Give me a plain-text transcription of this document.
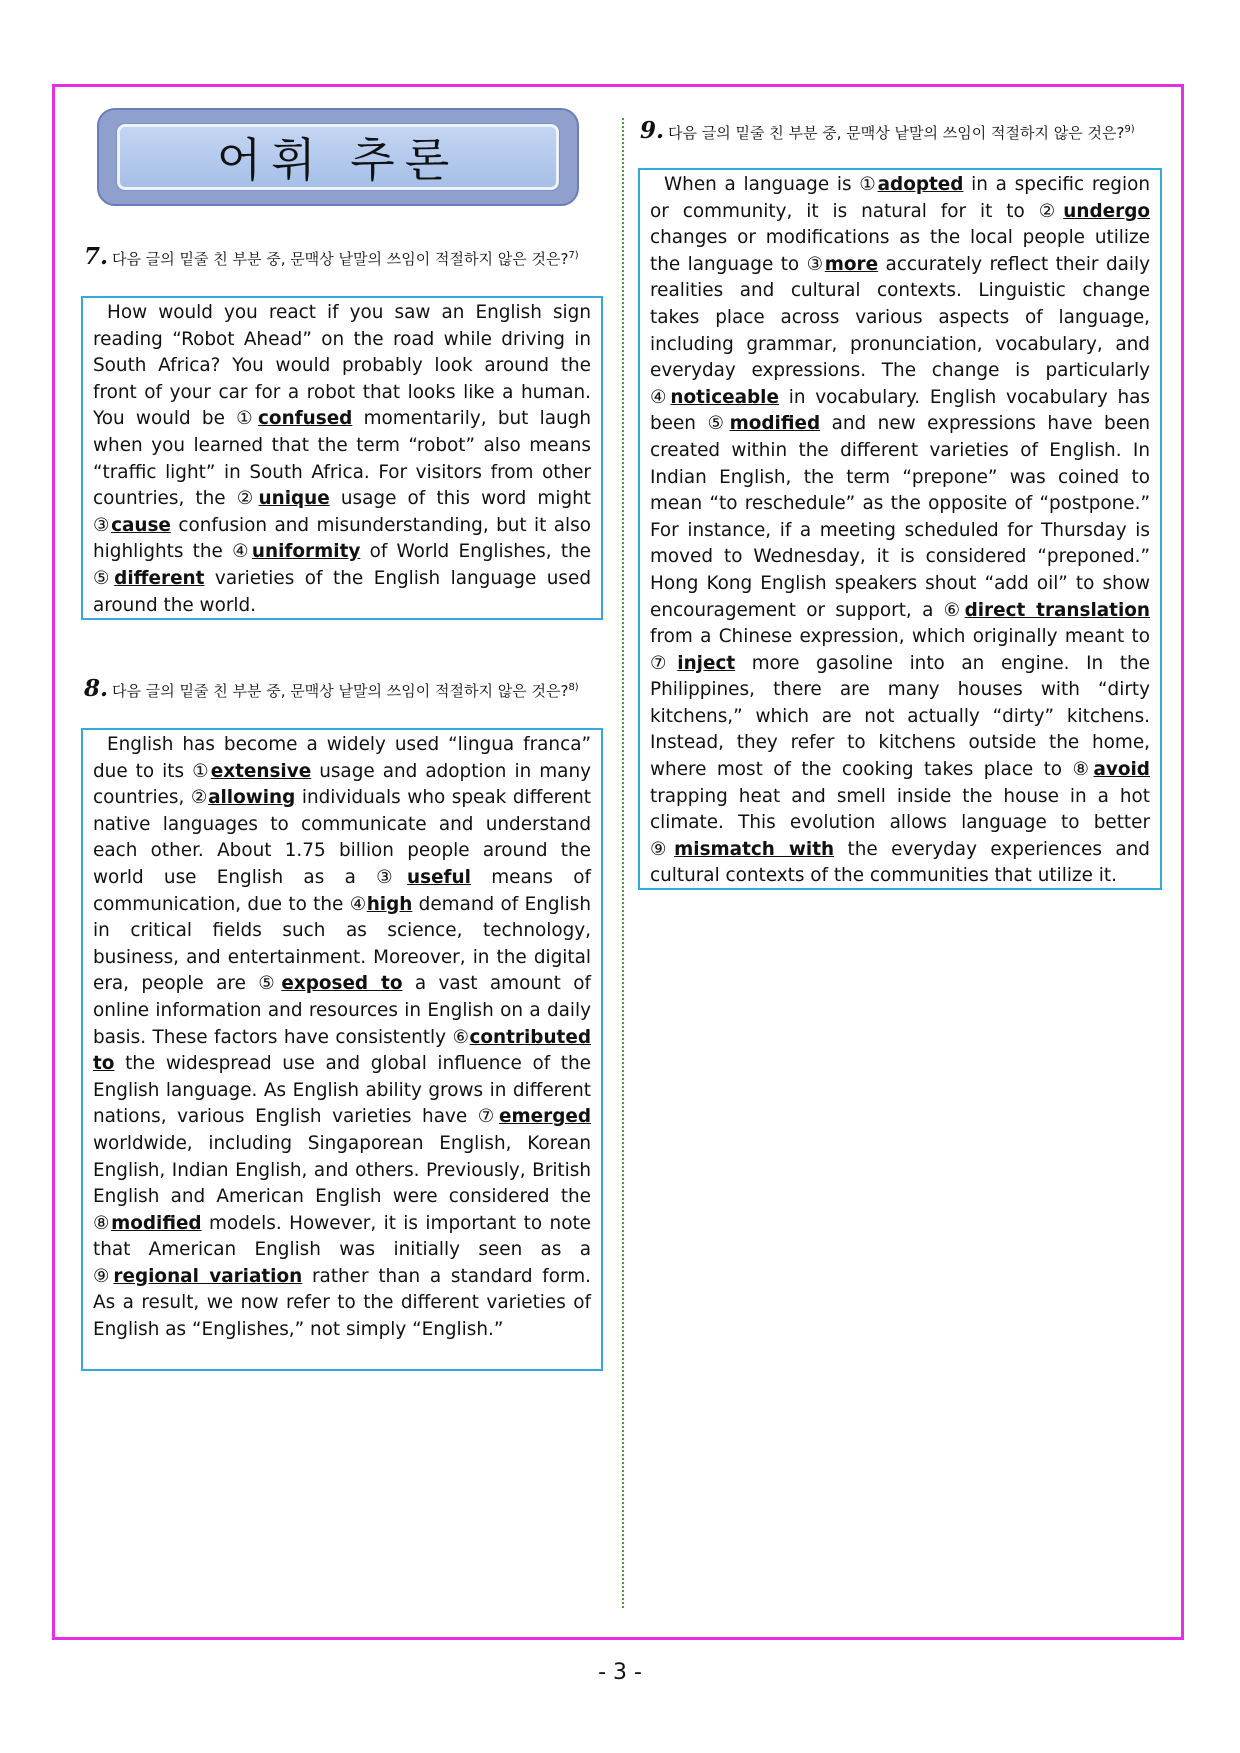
어휘 추론
7. 다음 글의 밑줄 친 부분 중, 문맥상 낱말의 쓰임이 적절하지 않은 것은?$^{7)}$
How would you react if you saw an English sign reading “Robot Ahead” on the road while driving in South Africa? You would probably look around the front of your car for a robot that looks like a human. You would be ①confused momentarily, but laugh when you learned that the term “robot” also means “traffic light” in South Africa. For visitors from other countries, the ②unique usage of this word might ③cause confusion and misunderstanding, but it also highlights the ④uniformity of World Englishes, the ⑤different varieties of the English language used around the world.
8. 다음 글의 밑줄 친 부분 중, 문맥상 낱말의 쓰임이 적절하지 않은 것은?$^{8)}$
English has become a widely used “lingua franca” due to its ①extensive usage and adoption in many countries, ②allowing individuals who speak different native languages to communicate and understand each other. About 1.75 billion people around the world use English as a ③useful means of communication, due to the ④high demand of English in critical fields such as science, technology, business, and entertainment. Moreover, in the digital era, people are ⑤exposed to a vast amount of online information and resources in English on a daily basis. These factors have consistently ⑥contributed to the widespread use and global influence of the English language. As English ability grows in different nations, various English varieties have ⑦emerged worldwide, including Singaporean English, Korean English, Indian English, and others. Previously, British English and American English were considered the ⑧modified models. However, it is important to note that American English was initially seen as a ⑨regional variation rather than a standard form. As a result, we now refer to the different varieties of English as “Englishes,” not simply “English.”
9. 다음 글의 밑줄 친 부분 중, 문맥상 낱말의 쓰임이 적절하지 않은 것은?$^{9)}$
When a language is ①adopted in a specific region or community, it is natural for it to ②undergo changes or modifications as the local people utilize the language to ③more accurately reflect their daily realities and cultural contexts. Linguistic change takes place across various aspects of language, including grammar, pronunciation, vocabulary, and everyday expressions. The change is particularly ④noticeable in vocabulary. English vocabulary has been ⑤modified and new expressions have been created within the different varieties of English. In Indian English, the term “prepone” was coined to mean “to reschedule” as the opposite of “postpone.” For instance, if a meeting scheduled for Thursday is moved to Wednesday, it is considered “preponed.” Hong Kong English speakers shout “add oil” to show encouragement or support, a ⑥direct translation from a Chinese expression, which originally meant to ⑦inject more gasoline into an engine. In the Philippines, there are many houses with “dirty kitchens,” which are not actually “dirty” kitchens. Instead, they refer to kitchens outside the home, where most of the cooking takes place to ⑧avoid trapping heat and smell inside the house in a hot climate. This evolution allows language to better ⑨mismatch with the everyday experiences and cultural contexts of the communities that utilize it.
- 3 -
